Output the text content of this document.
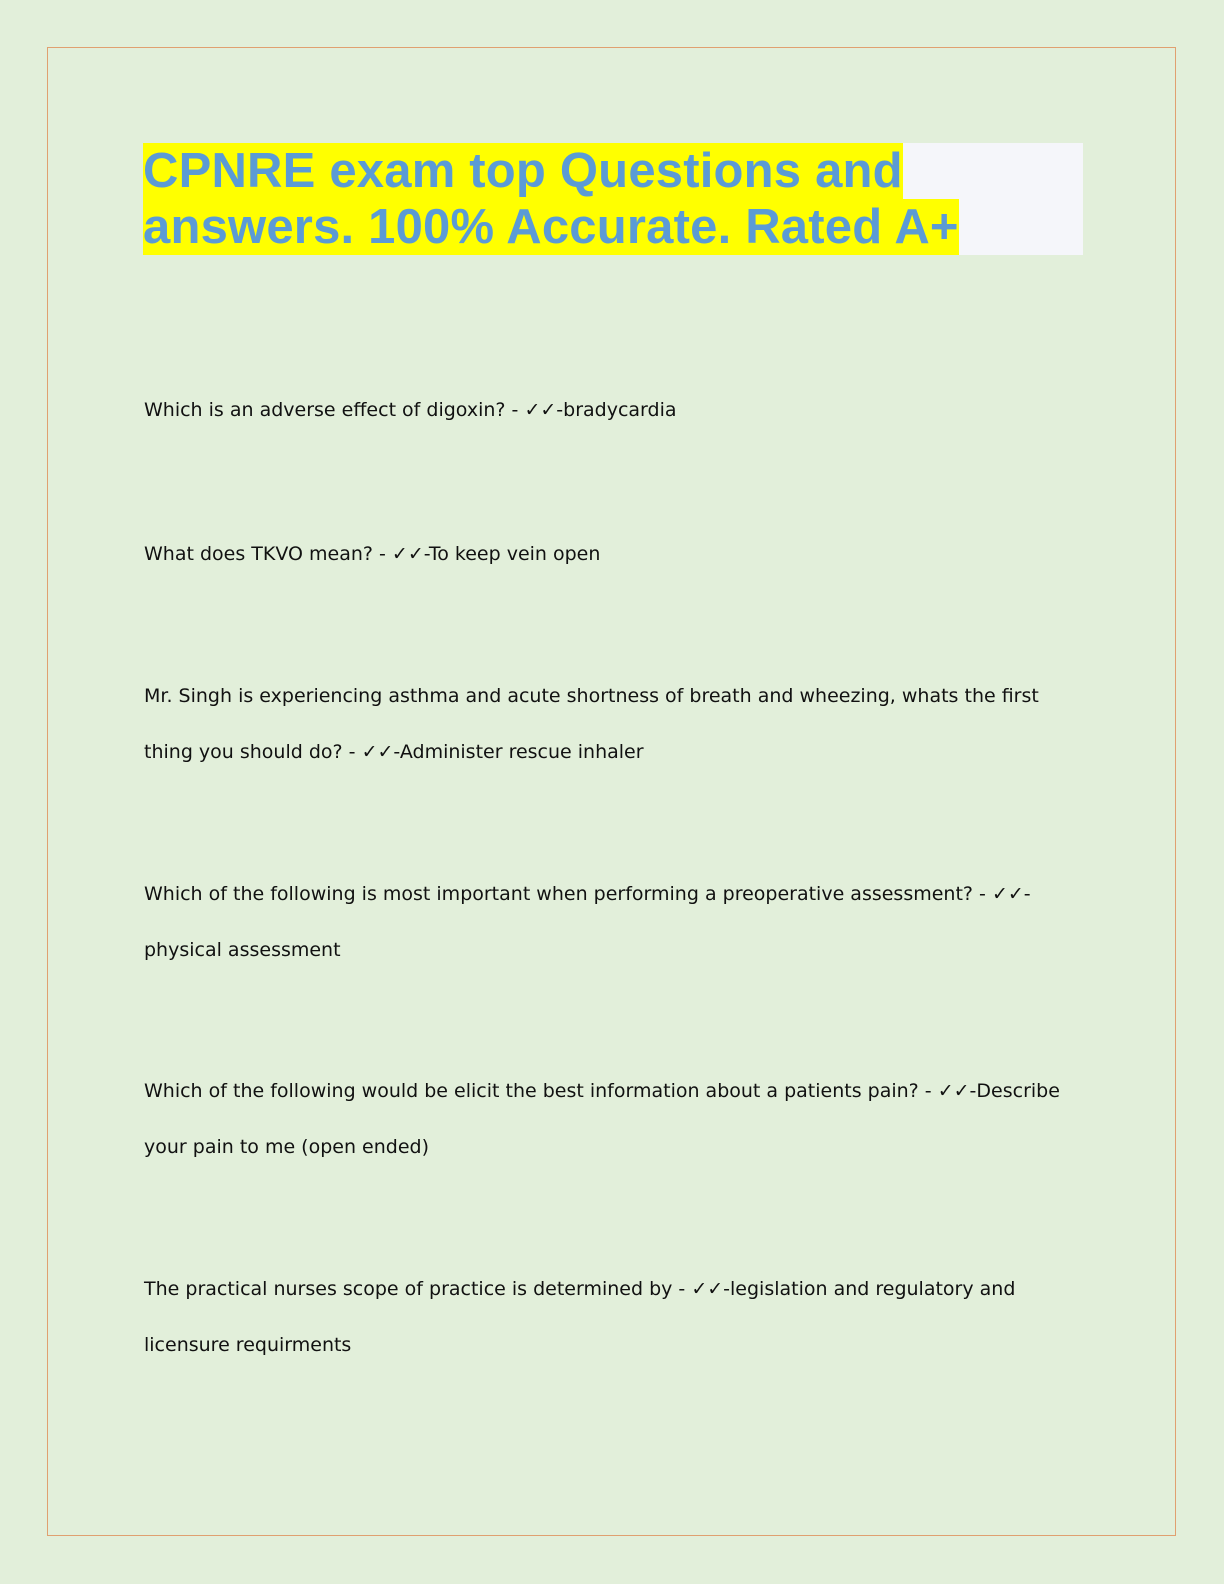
CPNRE exam top Questions and
answers. 100% Accurate. Rated A+

Which is an adverse effect of digoxin? - ✓✓-bradycardia

What does TKVO mean? - ✓✓-To keep vein open

Mr. Singh is experiencing asthma and acute shortness of breath and wheezing, whats the first thing you should do? - ✓✓-Administer rescue inhaler

Which of the following is most important when performing a preoperative assessment? - ✓✓-physical assessment

Which of the following would be elicit the best information about a patients pain? - ✓✓-Describe your pain to me (open ended)

The practical nurses scope of practice is determined by - ✓✓-legislation and regulatory and licensure requirments
